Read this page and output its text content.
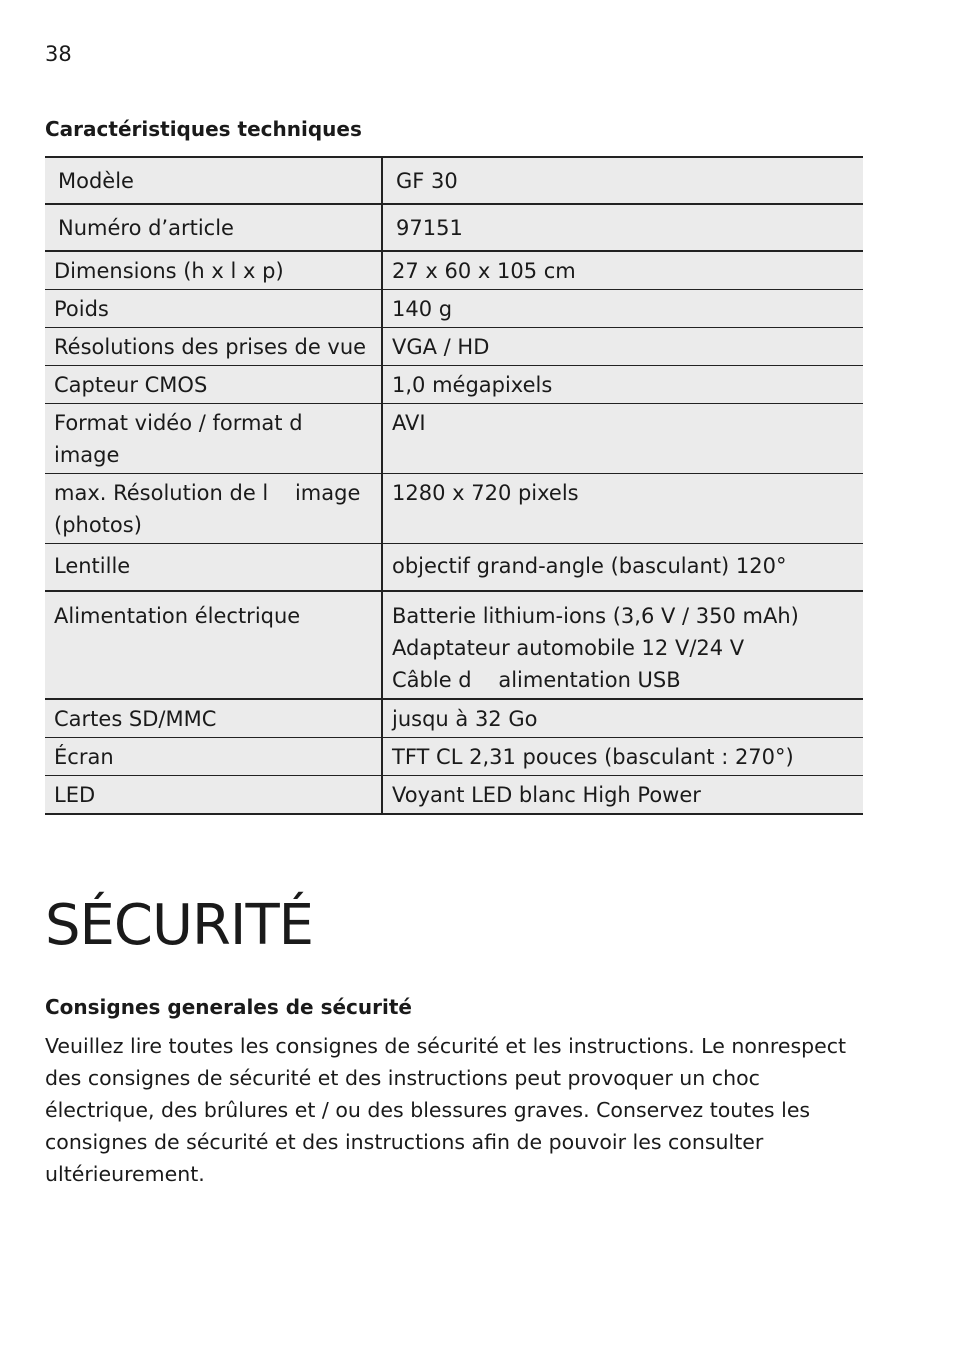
38
Caractéristiques techniques
Modèle	GF 30
Numéro d’article	97151
Dimensions (h x l x p)	27 x 60 x 105 cm
Poids	140 g
Résolutions des prises de vue	VGA / HD
Capteur CMOS	1,0 mégapixels
Format vidéo / format d    image	AVI
max. Résolution de l    image (photos)	1280 x 720 pixels
Lentille	objectif grand-angle (basculant) 120°
Alimentation électrique	Batterie lithium-ions (3,6 V / 350 mAh)
Adaptateur automobile 12 V/24 V
Câble d    alimentation USB

Cartes SD/MMC	jusqu à 32 Go
Écran	TFT CL 2,31 pouces (basculant : 270°)
LED	Voyant LED blanc High Power
SÉCURITÉ
Consignes generales de sécurité
Veuillez lire toutes les consignes de sécurité et les instructions. Le nonrespect des consignes de sécurité et des instructions peut provoquer un choc électrique, des brûlures et / ou des blessures graves. Conservez toutes les consignes de sécurité et des instructions afin de pouvoir les consulter ultérieurement.
